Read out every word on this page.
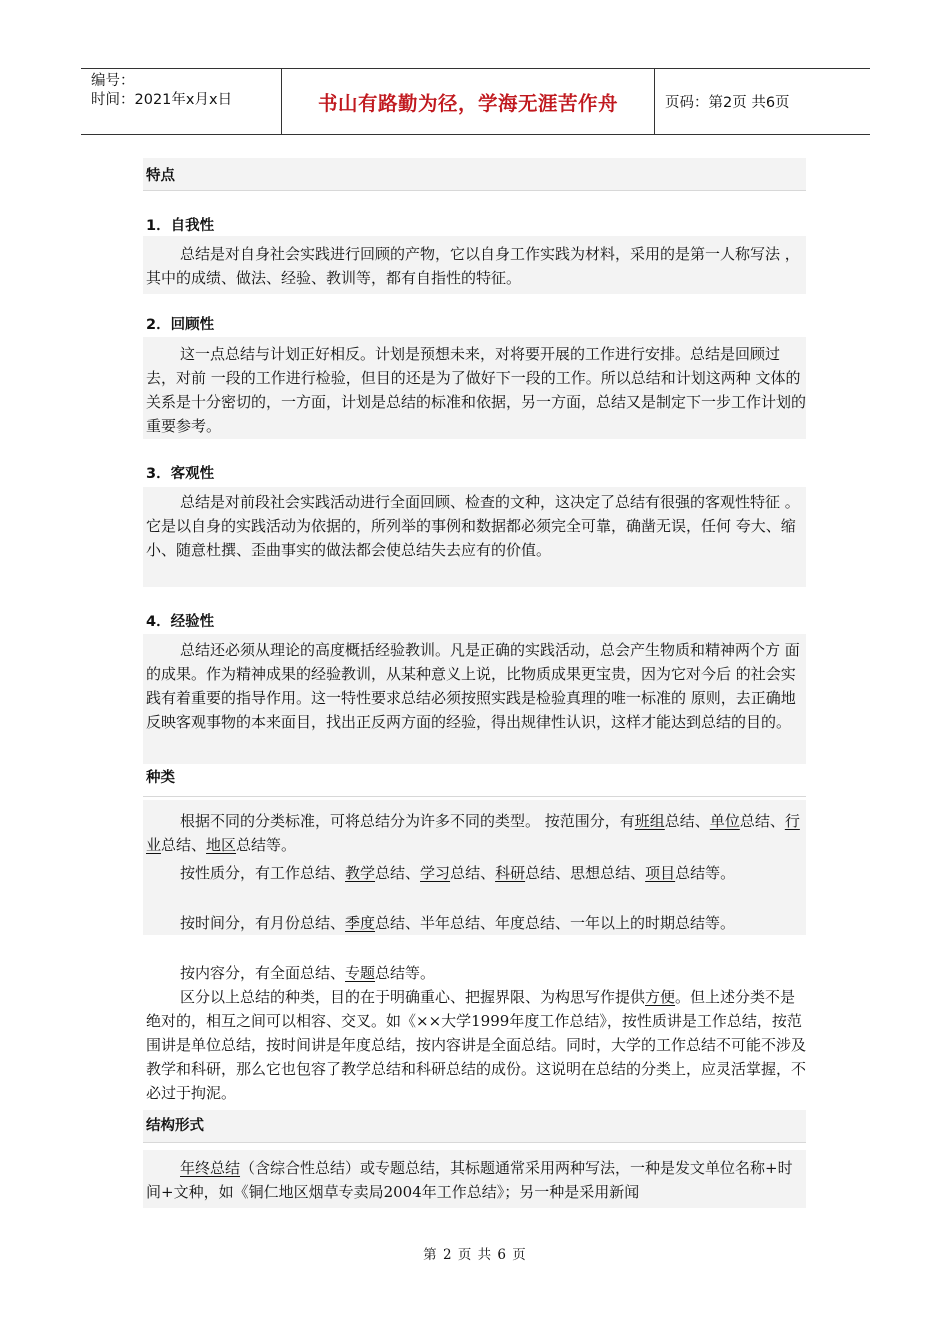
编号：
时间：2021年x月x日	书山有路勤为径，学海无涯苦作舟	页码：第2页 共6页
特点
1．自我性
总结是对自身社会实践进行回顾的产物，它以自身工作实践为材料，采用的是第一人称写法 ，其中的成绩、做法、经验、教训等，都有自指性的特征。
2．回顾性
这一点总结与计划正好相反。计划是预想未来，对将要开展的工作进行安排。总结是回顾过去，对前 一段的工作进行检验，但目的还是为了做好下一段的工作。所以总结和计划这两种 文体的关系是十分密切的，一方面，计划是总结的标准和依据，另一方面，总结又是制定下一步工作计划的重要参考。
3．客观性
总结是对前段社会实践活动进行全面回顾、检查的文种，这决定了总结有很强的客观性特征 。它是以自身的实践活动为依据的，所列举的事例和数据都必须完全可靠，确凿无误，任何 夸大、缩小、随意杜撰、歪曲事实的做法都会使总结失去应有的价值。
4．经验性
总结还必须从理论的高度概括经验教训。凡是正确的实践活动，总会产生物质和精神两个方 面的成果。作为精神成果的经验教训，从某种意义上说，比物质成果更宝贵，因为它对今后 的社会实践有着重要的指导作用。这一特性要求总结必须按照实践是检验真理的唯一标准的 原则，去正确地反映客观事物的本来面目，找出正反两方面的经验，得出规律性认识，这样才能达到总结的目的。
种类
根据不同的分类标准，可将总结分为许多不同的类型。 按范围分，有班组总结、单位总结、行业总结、地区总结等。
按性质分，有工作总结、教学总结、学习总结、科研总结、思想总结、项目总结等。
按时间分，有月份总结、季度总结、半年总结、年度总结、一年以上的时期总结等。
按内容分，有全面总结、专题总结等。
区分以上总结的种类，目的在于明确重心、把握界限、为构思写作提供方便。但上述分类不是绝对的，相互之间可以相容、交叉。如《××大学1999年度工作总结》，按性质讲是工作总结，按范围讲是单位总结，按时间讲是年度总结，按内容讲是全面总结。同时，大学的工作总结不可能不涉及教学和科研，那么它也包容了教学总结和科研总结的成份。这说明在总结的分类上，应灵活掌握，不必过于拘泥。
结构形式
年终总结（含综合性总结）或专题总结，其标题通常采用两种写法，一种是发文单位名称+时间+文种，如《铜仁地区烟草专卖局2004年工作总结》；另一种是采用新闻
第 2 页 共 6 页
